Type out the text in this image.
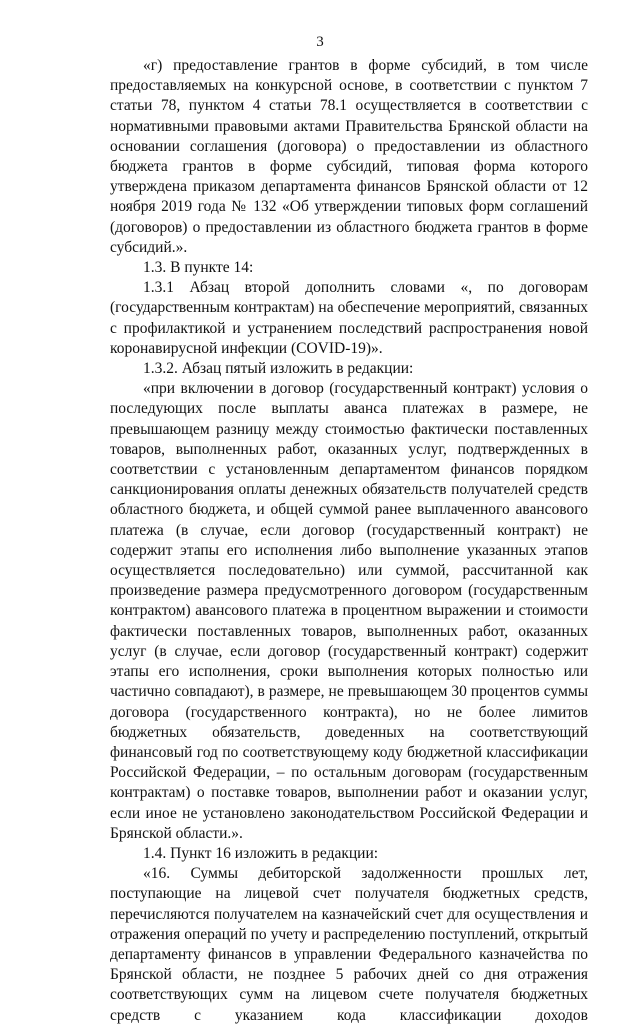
3

«г) предоставление грантов в форме субсидий, в том числе предоставляемых на конкурсной основе, в соответствии с пунктом 7 статьи 78, пунктом 4 статьи 78.1 осуществляется в соответствии с нормативными правовыми актами Правительства Брянской области на основании соглашения (договора) о предоставлении из областного бюджета грантов в форме субсидий, типовая форма которого утверждена приказом департамента финансов Брянской области от 12 ноября 2019 года № 132 «Об утверждении типовых форм соглашений (договоров) о предоставлении из областного бюджета грантов в форме субсидий.».

1.3. В пункте 14:

1.3.1 Абзац второй дополнить словами «, по договорам (государственным контрактам) на обеспечение мероприятий, связанных с профилактикой и устранением последствий распространения новой коронавирусной инфекции (COVID-19)».

1.3.2. Абзац пятый изложить в редакции:

«при включении в договор (государственный контракт) условия о последующих после выплаты аванса платежах в размере, не превышающем разницу между стоимостью фактически поставленных товаров, выполненных работ, оказанных услуг, подтвержденных в соответствии с установленным департаментом финансов порядком санкционирования оплаты денежных обязательств получателей средств областного бюджета, и общей суммой ранее выплаченного авансового платежа (в случае, если договор (государственный контракт) не содержит этапы его исполнения либо выполнение указанных этапов осуществляется последовательно) или суммой, рассчитанной как произведение размера предусмотренного договором (государственным контрактом) авансового платежа в процентном выражении и стоимости фактически поставленных товаров, выполненных работ, оказанных услуг (в случае, если договор (государственный контракт) содержит этапы его исполнения, сроки выполнения которых полностью или частично совпадают), в размере, не превышающем 30 процентов суммы договора (государственного контракта), но не более лимитов бюджетных обязательств, доведенных на соответствующий финансовый год по соответствующему коду бюджетной классификации Российской Федерации, – по остальным договорам (государственным контрактам) о поставке товаров, выполнении работ и оказании услуг, если иное не установлено законодательством Российской Федерации и Брянской области.».

1.4. Пункт 16 изложить в редакции:

«16. Суммы дебиторской задолженности прошлых лет, поступающие на лицевой счет получателя бюджетных средств, перечисляются получателем на казначейский счет для осуществления и отражения операций по учету и распределению поступлений, открытый департаменту финансов в управлении Федерального казначейства по Брянской области, не позднее 5 рабочих дней со дня отражения соответствующих сумм на лицевом счете получателя бюджетных средств с указанием кода классификации доходов
